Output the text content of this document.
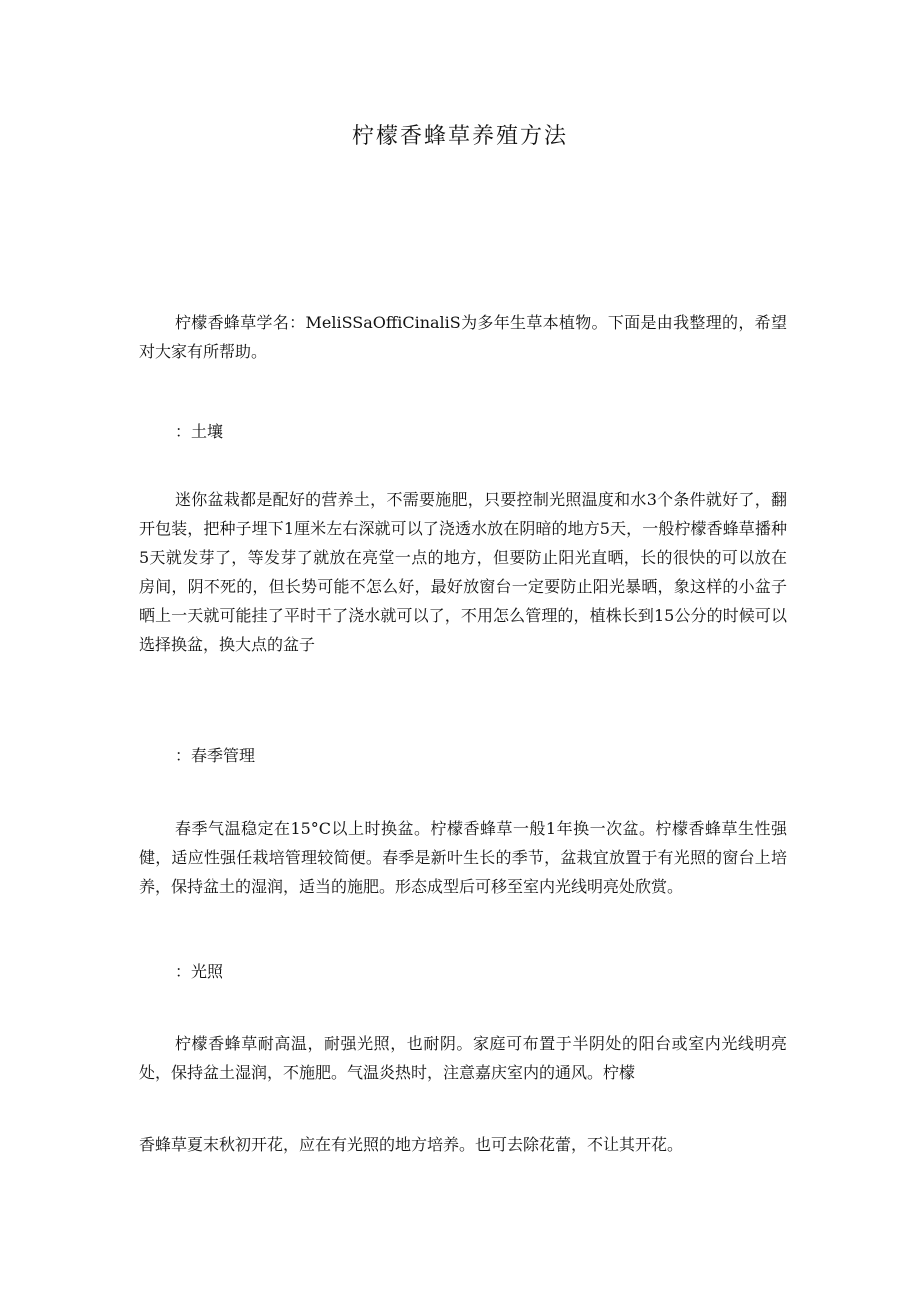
柠檬香蜂草养殖方法
柠檬香蜂草学名：MeliSSaOffiCinaliS为多年生草本植物。下面是由我整理的，希望对大家有所帮助。
：土壤
迷你盆栽都是配好的营养土，不需要施肥，只要控制光照温度和水3个条件就好了，翻开包装，把种子埋下1厘米左右深就可以了浇透水放在阴暗的地方5天，一般柠檬香蜂草播种5天就发芽了，等发芽了就放在亮堂一点的地方，但要防止阳光直晒，长的很快的可以放在房间，阴不死的，但长势可能不怎么好，最好放窗台一定要防止阳光暴晒，象这样的小盆子晒上一天就可能挂了平时干了浇水就可以了，不用怎么管理的，植株长到15公分的时候可以选择换盆，换大点的盆子
：春季管理
春季气温稳定在15°C以上时换盆。柠檬香蜂草一般1年换一次盆。柠檬香蜂草生性强健，适应性强任栽培管理较简便。春季是新叶生长的季节，盆栽宜放置于有光照的窗台上培养，保持盆土的湿润，适当的施肥。形态成型后可移至室内光线明亮处欣赏。
：光照
柠檬香蜂草耐高温，耐强光照，也耐阴。家庭可布置于半阴处的阳台或室内光线明亮处，保持盆土湿润，不施肥。气温炎热时，注意嘉庆室内的通风。柠檬
香蜂草夏末秋初开花，应在有光照的地方培养。也可去除花蕾，不让其开花。
